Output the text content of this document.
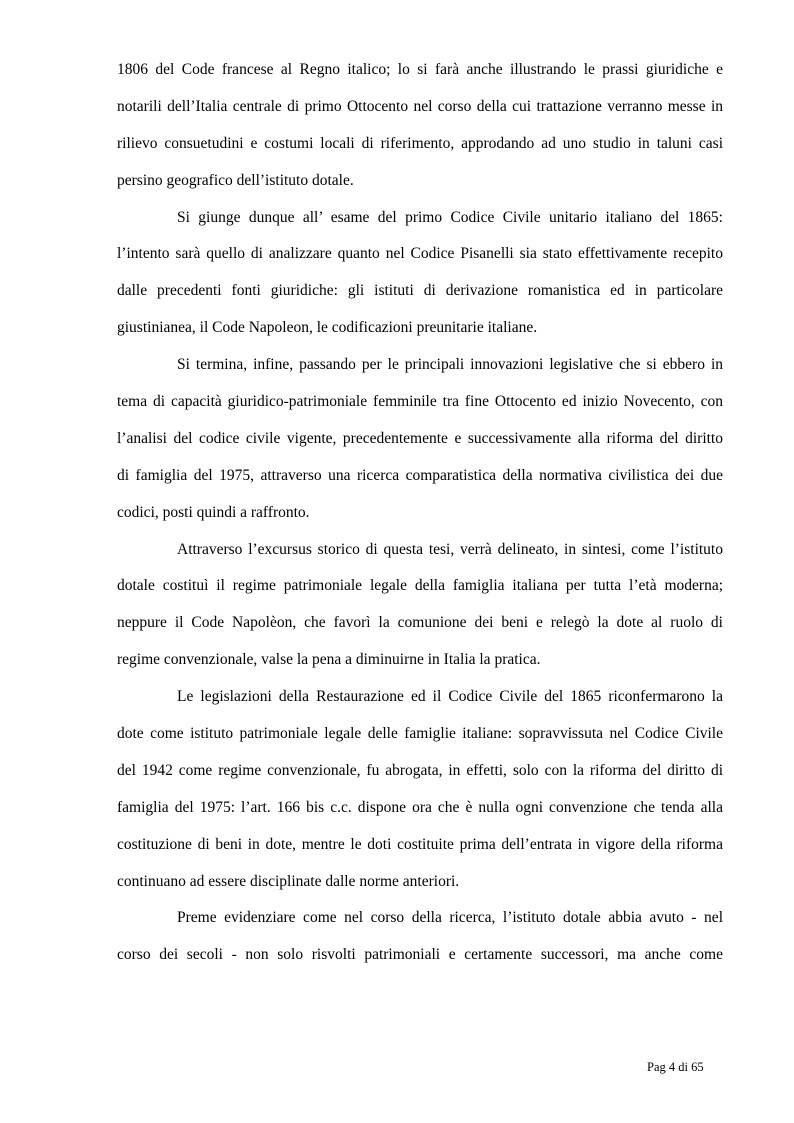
1806 del Code francese al Regno italico; lo si farà anche illustrando le prassi giuridiche e
notarili dell’Italia centrale di primo Ottocento nel corso della cui trattazione verranno messe in
rilievo consuetudini e costumi locali di riferimento, approdando ad uno studio in taluni casi
persino geografico dell’istituto dotale.
Si giunge dunque all’ esame del primo Codice Civile unitario italiano del 1865:
l’intento sarà quello di analizzare quanto nel Codice Pisanelli sia stato effettivamente recepito
dalle precedenti fonti giuridiche: gli istituti di derivazione romanistica ed in particolare
giustinianea, il Code Napoleon, le codificazioni preunitarie italiane.
Si termina, infine, passando per le principali innovazioni legislative che si ebbero in
tema di capacità giuridico-patrimoniale femminile tra fine Ottocento ed inizio Novecento, con
l’analisi del codice civile vigente, precedentemente e successivamente alla riforma del diritto
di famiglia del 1975, attraverso una ricerca comparatistica della normativa civilistica dei due
codici, posti quindi a raffronto.
Attraverso l’excursus storico di questa tesi, verrà delineato, in sintesi, come l’istituto
dotale costituì il regime patrimoniale legale della famiglia italiana per tutta l’età moderna;
neppure il Code Napolèon, che favorì la comunione dei beni e relegò la dote al ruolo di
regime convenzionale, valse la pena a diminuirne in Italia la pratica.
Le legislazioni della Restaurazione ed il Codice Civile del 1865 riconfermarono la
dote come istituto patrimoniale legale delle famiglie italiane: sopravvissuta nel Codice Civile
del 1942 come regime convenzionale, fu abrogata, in effetti, solo con la riforma del diritto di
famiglia del 1975: l’art. 166 bis c.c. dispone ora che è nulla ogni convenzione che tenda alla
costituzione di beni in dote, mentre le doti costituite prima dell’entrata in vigore della riforma
continuano ad essere disciplinate dalle norme anteriori.
Preme evidenziare come nel corso della ricerca, l’istituto dotale abbia avuto - nel
corso dei secoli - non solo risvolti patrimoniali e certamente successori, ma anche come
Pag 4 di 65
